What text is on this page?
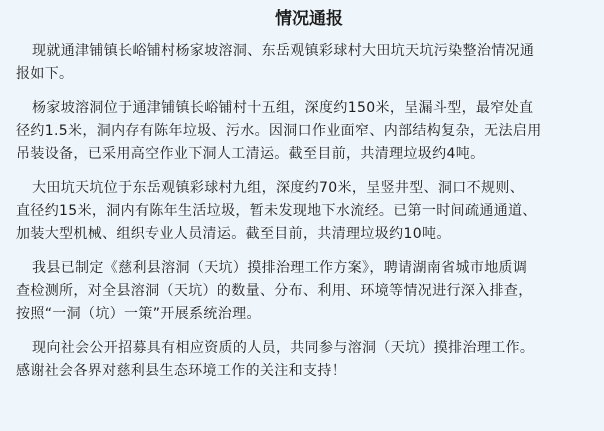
情况通报
现就通津铺镇长峪铺村杨家坡溶洞、东岳观镇彩球村大田坑天坑污染整治情况通
报如下。
杨家坡溶洞位于通津铺镇长峪铺村十五组，深度约150米，呈漏斗型，最窄处直
径约1.5米，洞内存有陈年垃圾、污水。因洞口作业面窄、内部结构复杂，无法启用
吊装设备，已采用高空作业下洞人工清运。截至目前，共清理垃圾约4吨。
大田坑天坑位于东岳观镇彩球村九组，深度约70米，呈竖井型、洞口不规则、
直径约15米，洞内有陈年生活垃圾，暂未发现地下水流经。已第一时间疏通通道、
加装大型机械、组织专业人员清运。截至目前，共清理垃圾约10吨。
我县已制定《慈利县溶洞（天坑）摸排治理工作方案》，聘请湖南省城市地质调
查检测所，对全县溶洞（天坑）的数量、分布、利用、环境等情况进行深入排查，
按照“一洞（坑）一策”开展系统治理。
现向社会公开招募具有相应资质的人员，共同参与溶洞（天坑）摸排治理工作。
感谢社会各界对慈利县生态环境工作的关注和支持！
